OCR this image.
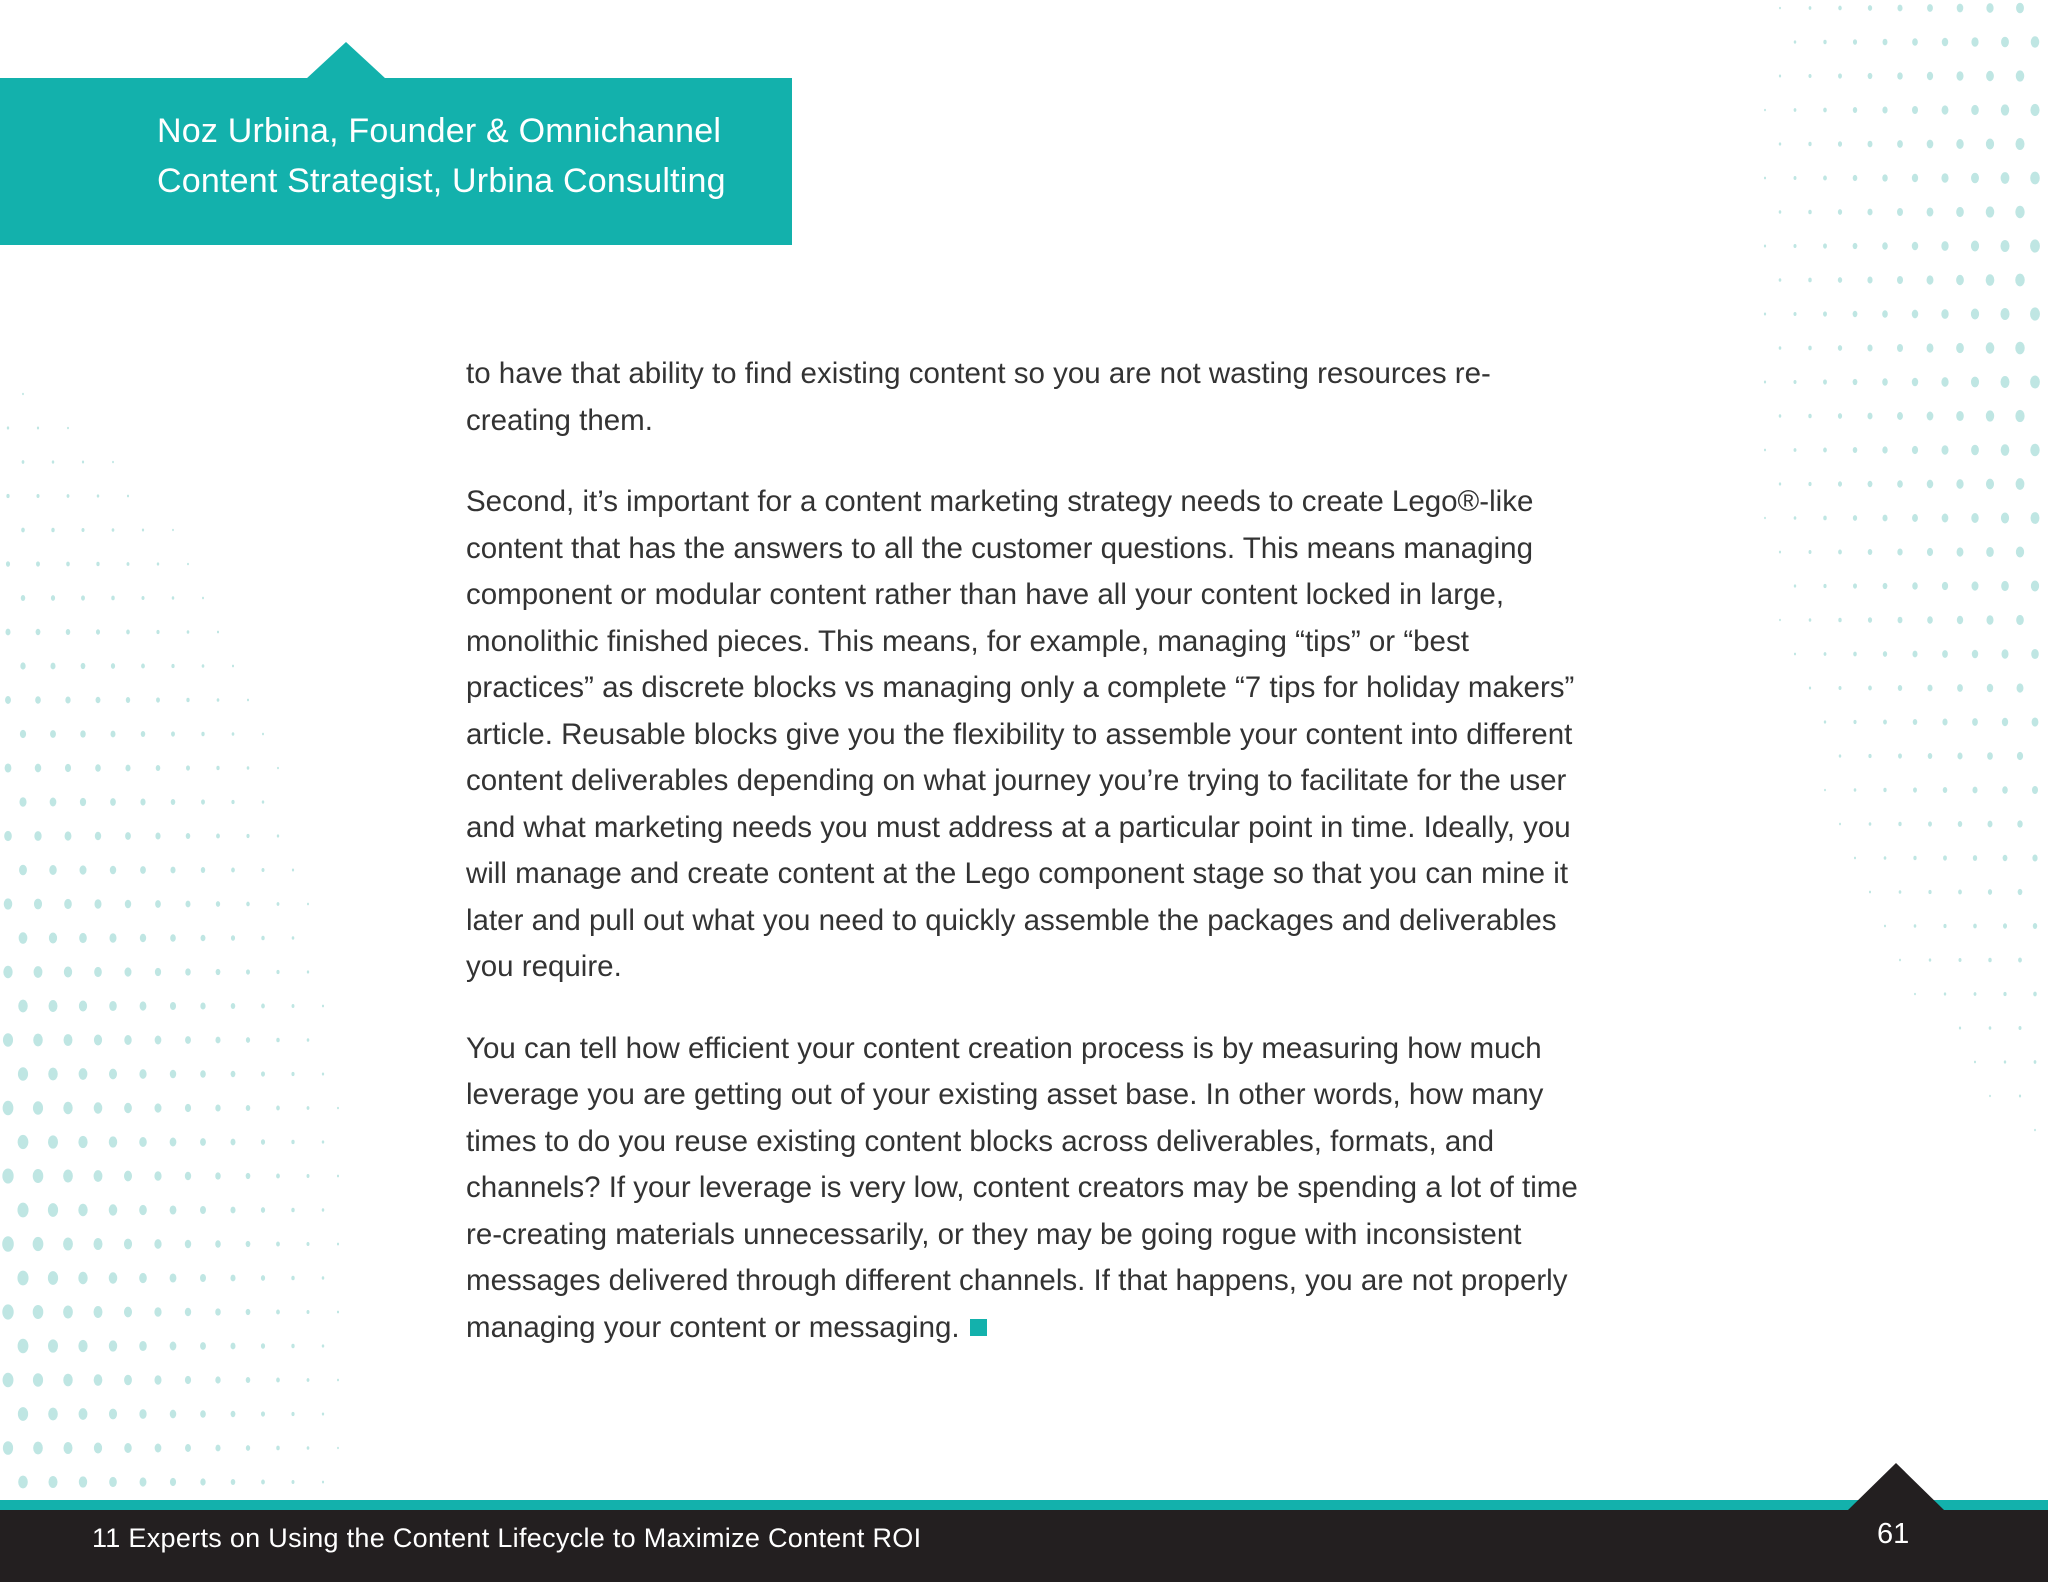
Noz Urbina, Founder & Omnichannel
Content Strategist, Urbina Consulting

to have that ability to find existing content so you are not wasting resources re-creating them.

Second, it’s important for a content marketing strategy needs to create Lego®-like content that has the answers to all the customer questions. This means managing component or modular content rather than have all your content locked in large, monolithic finished pieces. This means, for example, managing “tips” or “best practices” as discrete blocks vs managing only a complete “7 tips for holiday makers” article. Reusable blocks give you the flexibility to assemble your content into different content deliverables depending on what journey you’re trying to facilitate for the user and what marketing needs you must address at a particular point in time. Ideally, you will manage and create content at the Lego component stage so that you can mine it later and pull out what you need to quickly assemble the packages and deliverables you require.

You can tell how efficient your content creation process is by measuring how much leverage you are getting out of your existing asset base. In other words, how many times to do you reuse existing content blocks across deliverables, formats, and channels? If your leverage is very low, content creators may be spending a lot of time re-creating materials unnecessarily, or they may be going rogue with inconsistent messages delivered through different channels. If that happens, you are not properly managing your content or messaging.

11 Experts on Using the Content Lifecycle to Maximize Content ROI	61
